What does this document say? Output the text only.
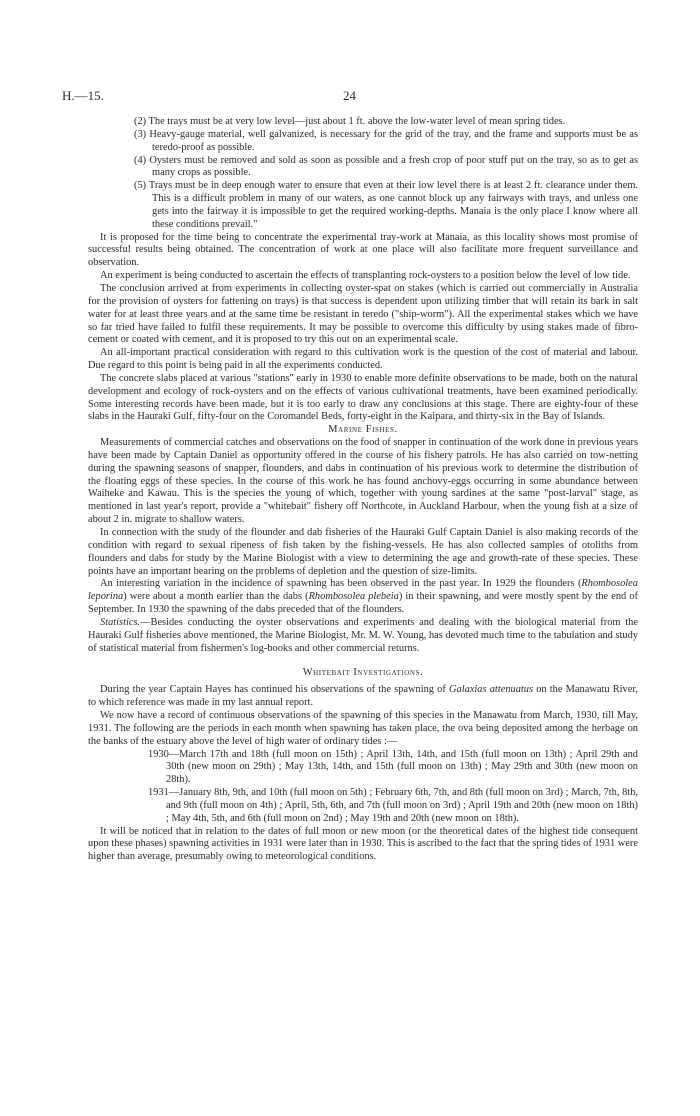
H.—15.	24

(2) The trays must be at very low level—just about 1 ft. above the low-water level of mean spring tides.

(3) Heavy-gauge material, well galvanized, is necessary for the grid of the tray, and the frame and supports must be as teredo-proof as possible.

(4) Oysters must be removed and sold as soon as possible and a fresh crop of poor stuff put on the tray, so as to get as many crops as possible.

(5) Trays must be in deep enough water to ensure that even at their low level there is at least 2 ft. clearance under them. This is a difficult problem in many of our waters, as one cannot block up any fairways with trays, and unless one gets into the fairway it is impossible to get the required working-depths. Manaia is the only place I know where all these conditions prevail."

It is proposed for the time being to concentrate the experimental tray-work at Manaia, as this locality shows most promise of successful results being obtained. The concentration of work at one place will also facilitate more frequent surveillance and observation.

An experiment is being conducted to ascertain the effects of transplanting rock-oysters to a position below the level of low tide.

The conclusion arrived at from experiments in collecting oyster-spat on stakes (which is carried out commercially in Australia for the provision of oysters for fattening on trays) is that success is dependent upon utilizing timber that will retain its bark in salt water for at least three years and at the same time be resistant in teredo ("ship-worm"). All the experimental stakes which we have so far tried have failed to fulfil these requirements. It may be possible to overcome this difficulty by using stakes made of fibro-cement or coated with cement, and it is proposed to try this out on an experimental scale.

An all-important practical consideration with regard to this cultivation work is the question of the cost of material and labour. Due regard to this point is being paid in all the experiments conducted.

The concrete slabs placed at various "stations" early in 1930 to enable more definite observations to be made, both on the natural development and ecology of rock-oysters and on the effects of various cultivational treatments, have been examined periodically. Some interesting records have been made, but it is too early to draw any conclusions at this stage. There are eighty-four of these slabs in the Hauraki Gulf, fifty-four on the Coromandel Beds, forty-eight in the Kaipara, and thirty-six in the Bay of Islands.

Marine Fishes.

Measurements of commercial catches and observations on the food of snapper in continuation of the work done in previous years have been made by Captain Daniel as opportunity offered in the course of his fishery patrols. He has also carried on tow-netting during the spawning seasons of snapper, flounders, and dabs in continuation of his previous work to determine the distribution of the floating eggs of these species. In the course of this work he has found anchovy-eggs occurring in some abundance between Waiheke and Kawau. This is the species the young of which, together with young sardines at the same "post-larval" stage, as mentioned in last year's report, provide a "whitebait" fishery off Northcote, in Auckland Harbour, when the young fish at a size of about 2 in. migrate to shallow waters.

In connection with the study of the flounder and dab fisheries of the Hauraki Gulf Captain Daniel is also making records of the condition with regard to sexual ripeness of fish taken by the fishing-vessels. He has also collected samples of otoliths from flounders and dabs for study by the Marine Biologist with a view to determining the age and growth-rate of these species. These points have an important bearing on the problems of depletion and the question of size-limits.

An interesting variation in the incidence of spawning has been observed in the past year. In 1929 the flounders (Rhombosolea leporina) were about a month earlier than the dabs (Rhombosolea plebeia) in their spawning, and were mostly spent by the end of September. In 1930 the spawning of the dabs preceded that of the flounders.

Statistics.—Besides conducting the oyster observations and experiments and dealing with the biological material from the Hauraki Gulf fisheries above mentioned, the Marine Biologist, Mr. M. W. Young, has devoted much time to the tabulation and study of statistical material from fishermen's log-books and other commercial returns.

Whitebait Investigations.

During the year Captain Hayes has continued his observations of the spawning of Galaxias attenuatus on the Manawatu River, to which reference was made in my last annual report.

We now have a record of continuous observations of the spawning of this species in the Manawatu from March, 1930, till May, 1931. The following are the periods in each month when spawning has taken place, the ova being deposited among the herbage on the banks of the estuary above the level of high water of ordinary tides :—

1930—March 17th and 18th (full moon on 15th) ; April 13th, 14th, and 15th (full moon on 13th) ; April 29th and 30th (new moon on 29th) ; May 13th, 14th, and 15th (full moon on 13th) ; May 29th and 30th (new moon on 28th).

1931—January 8th, 9th, and 10th (full moon on 5th) ; February 6th, 7th, and 8th (full moon on 3rd) ; March, 7th, 8th, and 9th (full moon on 4th) ; April, 5th, 6th, and 7th (full moon on 3rd) ; April 19th and 20th (new moon on 18th) ; May 4th, 5th, and 6th (full moon on 2nd) ; May 19th and 20th (new moon on 18th).

It will be noticed that in relation to the dates of full moon or new moon (or the theoretical dates of the highest tide consequent upon these phases) spawning activities in 1931 were later than in 1930. This is ascribed to the fact that the spring tides of 1931 were higher than average, presumably owing to meteorological conditions.
